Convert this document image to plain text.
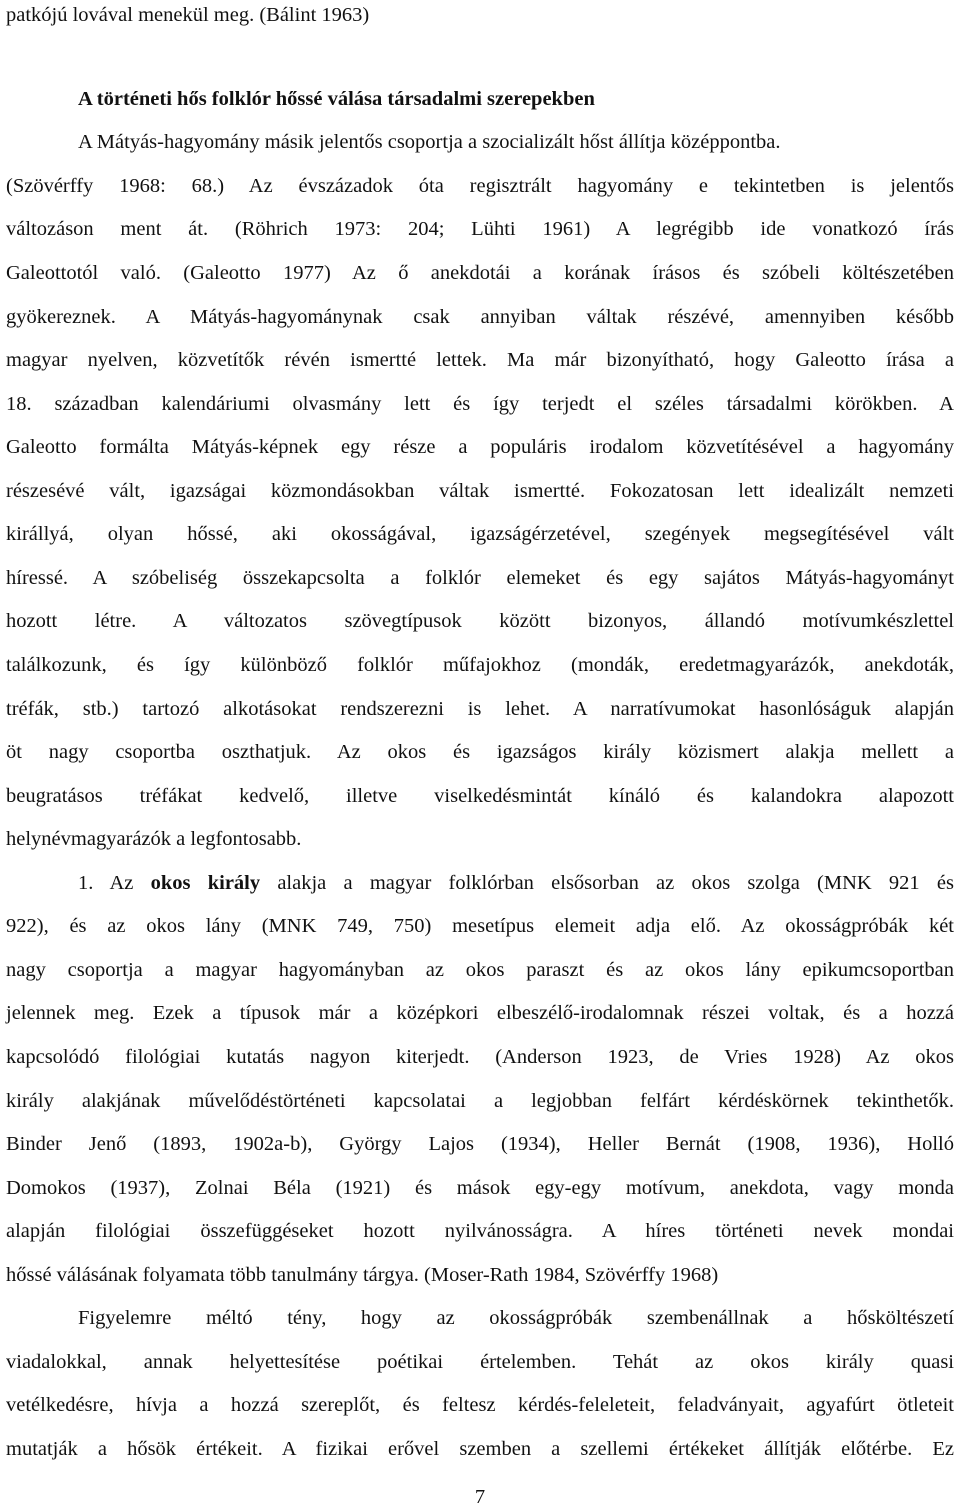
patkójú lovával menekül meg. (Bálint 1963)
A történeti hős folklór hőssé válása társadalmi szerepekben
A Mátyás-hagyomány másik jelentős csoportja a szocializált hőst állítja középpontba.
(Szövérffy 1968: 68.) Az évszázadok óta regisztrált hagyomány e tekintetben is jelentős
változáson ment át. (Röhrich 1973: 204; Lühti 1961) A legrégibb ide vonatkozó írás
Galeottotól való. (Galeotto 1977) Az ő anekdotái a korának írásos és szóbeli költészetében
gyökereznek. A Mátyás-hagyománynak csak annyiban váltak részévé, amennyiben később
magyar nyelven, közvetítők révén ismertté lettek. Ma már bizonyítható, hogy Galeotto írása a
18. században kalendáriumi olvasmány lett és így terjedt el széles társadalmi körökben. A
Galeotto formálta Mátyás-képnek egy része a populáris irodalom közvetítésével a hagyomány
részesévé vált, igazságai közmondásokban váltak ismertté. Fokozatosan lett idealizált nemzeti
királlyá, olyan hőssé, aki okosságával, igazságérzetével, szegények megsegítésével vált
híressé. A szóbeliség összekapcsolta a folklór elemeket és egy sajátos Mátyás-hagyományt
hozott létre. A változatos szövegtípusok között bizonyos, állandó motívumkészlettel
találkozunk, és így különböző folklór műfajokhoz (mondák, eredetmagyarázók, anekdoták,
tréfák, stb.) tartozó alkotásokat rendszerezni is lehet. A narratívumokat hasonlóságuk alapján
öt nagy csoportba oszthatjuk. Az okos és igazságos király közismert alakja mellett a
beugratásos tréfákat kedvelő, illetve viselkedésmintát kínáló és kalandokra alapozott
helynévmagyarázók a legfontosabb.
1. Az okos király alakja a magyar folklórban elsősorban az okos szolga (MNK 921 és
922), és az okos lány (MNK 749, 750) mesetípus elemeit adja elő. Az okosságpróbák két
nagy csoportja a magyar hagyományban az okos paraszt és az okos lány epikumcsoportban
jelennek meg. Ezek a típusok már a középkori elbeszélő-irodalomnak részei voltak, és a hozzá
kapcsolódó filológiai kutatás nagyon kiterjedt. (Anderson 1923, de Vries 1928) Az okos
király alakjának művelődéstörténeti kapcsolatai a legjobban felfárt kérdéskörnek tekinthetők.
Binder Jenő (1893, 1902a-b), György Lajos (1934), Heller Bernát (1908, 1936), Holló
Domokos (1937), Zolnai Béla (1921) és mások egy-egy motívum, anekdota, vagy monda
alapján filológiai összefüggéseket hozott nyilvánosságra. A híres történeti nevek mondai
hőssé válásának folyamata több tanulmány tárgya. (Moser-Rath 1984, Szövérffy 1968)
Figyelemre méltó tény, hogy az okosságpróbák szembenállnak a hősköltészetí
viadalokkal, annak helyettesítése poétikai értelemben. Tehát az okos király quasi
vetélkedésre, hívja a hozzá szereplőt, és feltesz kérdés-feleleteit, feladványait, agyafúrt ötleteit
mutatják a hősök értékeit. A fizikai erővel szemben a szellemi értékeket állítják előtérbe. Ez
7
